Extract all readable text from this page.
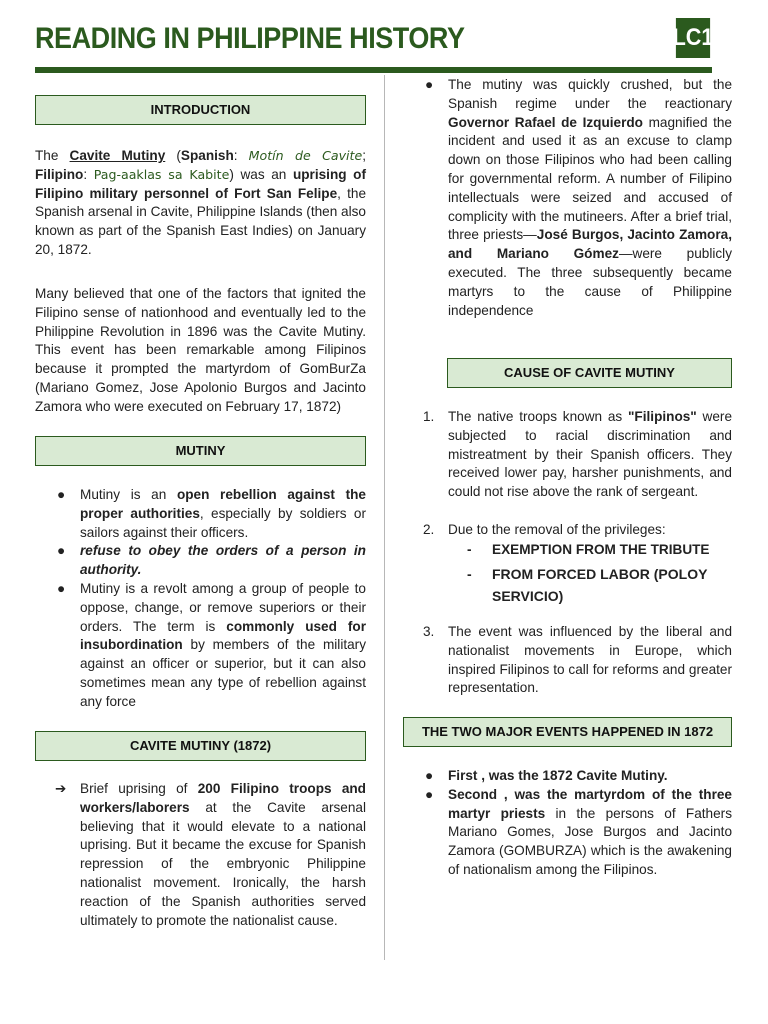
READING IN PHILIPPINE HISTORY	LC1
INTRODUCTION
The Cavite Mutiny (Spanish: Motín de Cavite; Filipino: Pag-aaklas sa Kabite) was an uprising of Filipino military personnel of Fort San Felipe, the Spanish arsenal in Cavite, Philippine Islands (then also known as part of the Spanish East Indies) on January 20, 1872.
Many believed that one of the factors that ignited the Filipino sense of nationhood and eventually led to the Philippine Revolution in 1896 was the Cavite Mutiny. This event has been remarkable among Filipinos because it prompted the martyrdom of GomBurZa (Mariano Gomez, Jose Apolonio Burgos and Jacinto Zamora who were executed on February 17, 1872)
MUTINY
● Mutiny is an open rebellion against the proper authorities, especially by soldiers or sailors against their officers.
● refuse to obey the orders of a person in authority.
● Mutiny is a revolt among a group of people to oppose, change, or remove superiors or their orders. The term is commonly used for insubordination by members of the military against an officer or superior, but it can also sometimes mean any type of rebellion against any force
CAVITE MUTINY (1872)
➔ Brief uprising of 200 Filipino troops and workers/laborers at the Cavite arsenal believing that it would elevate to a national uprising. But it became the excuse for Spanish repression of the embryonic Philippine nationalist movement. Ironically, the harsh reaction of the Spanish authorities served ultimately to promote the nationalist cause.
● The mutiny was quickly crushed, but the Spanish regime under the reactionary Governor Rafael de Izquierdo magnified the incident and used it as an excuse to clamp down on those Filipinos who had been calling for governmental reform. A number of Filipino intellectuals were seized and accused of complicity with the mutineers. After a brief trial, three priests—José Burgos, Jacinto Zamora, and Mariano Gómez—were publicly executed. The three subsequently became martyrs to the cause of Philippine independence
CAUSE OF CAVITE MUTINY
1. The native troops known as "Filipinos" were subjected to racial discrimination and mistreatment by their Spanish officers. They received lower pay, harsher punishments, and could not rise above the rank of sergeant.
2. Due to the removal of the privileges:
- EXEMPTION FROM THE TRIBUTE
- FROM FORCED LABOR (POLOY SERVICIO)
3. The event was influenced by the liberal and nationalist movements in Europe, which inspired Filipinos to call for reforms and greater representation.
THE TWO MAJOR EVENTS HAPPENED IN 1872
● First , was the 1872 Cavite Mutiny.
● Second , was the martyrdom of the three martyr priests in the persons of Fathers Mariano Gomes, Jose Burgos and Jacinto Zamora (GOMBURZA) which is the awakening of nationalism among the Filipinos.
